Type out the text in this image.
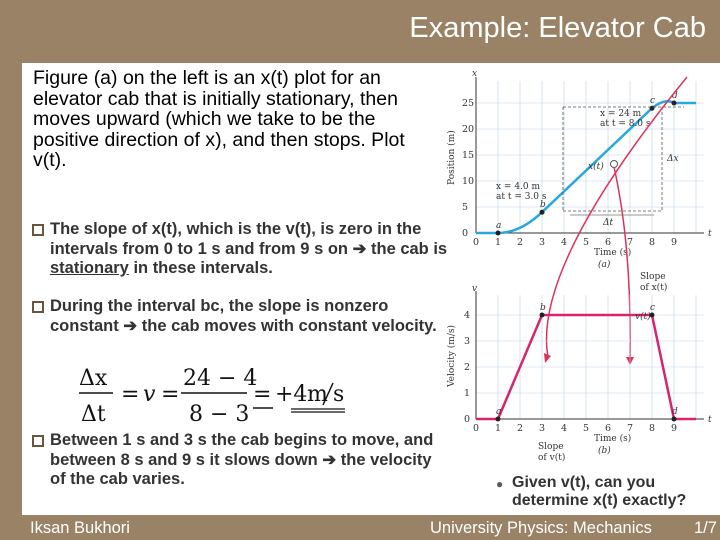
Example: Elevator Cab
Figure (a) on the left is an x(t) plot for an elevator cab that is initially stationary, then moves upward (which we take to be the positive direction of x), and then stops. Plot v(t).
The slope of x(t), which is the v(t), is zero in the intervals from 0 to 1 s and from 9 s on ➔ the cab is stationary in these intervals.
During the interval bc, the slope is nonzero constant ➔ the cab moves with constant velocity.
Between 1 s and 3 s the cab begins to move, and between 8 s and 9 s it slows down ➔ the velocity of the cab varies.
Δx
Δt
= v =
24 − 4
8 − 3
= +4 m s
x
t
Position (m)
0
5
10
15
20
25
0 1 2 3 4 5 6 7 8 9
Time (s)
(a)
a
b
c
d
Δt
Δx
x = 24 m
at t = 8.0 s
x = 4.0 m
at t = 3.0 s
x(t)
Slope
of x(t)
v
t
Velocity (m/s)
0
1
2
3
4
0 1 2 3 4 5 6 7 8 9
Time (s)
(b)
a
b	c
d
v(t)
Slope
of v(t)
● Given v(t), can you determine x(t) exactly?
Iksan Bukhori	University Physics: Mechanics	1/7
